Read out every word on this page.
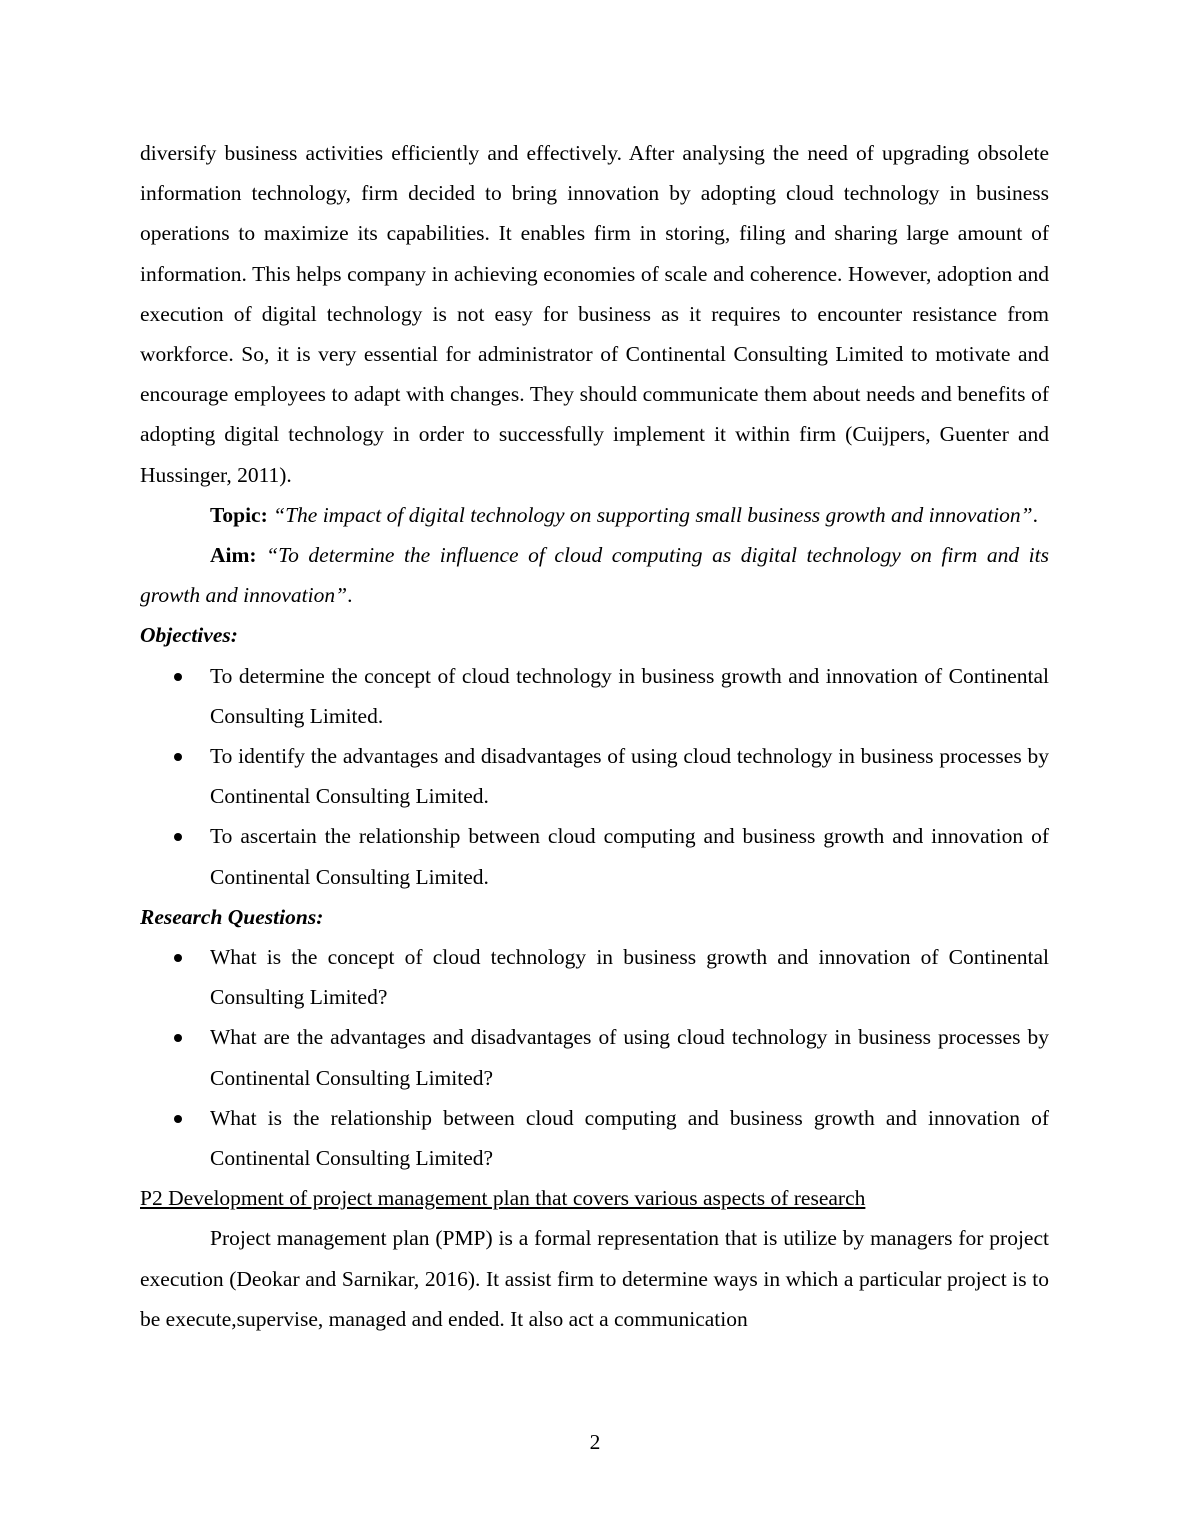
diversify business activities efficiently and effectively. After analysing the need of upgrading obsolete information technology, firm decided to bring innovation by adopting cloud technology in business operations to maximize its capabilities. It enables firm in storing, filing and sharing large amount of information. This helps company in achieving economies of scale and coherence. However, adoption and execution of digital technology is not easy for business as it requires to encounter resistance from workforce. So, it is very essential for administrator of Continental Consulting Limited to motivate and encourage employees to adapt with changes. They should communicate them about needs and benefits of adopting digital technology in order to successfully implement it within firm (Cuijpers, Guenter and Hussinger, 2011).

Topic: “The impact of digital technology on supporting small business growth and innovation”.

Aim: “To determine the influence of cloud computing as digital technology on firm and its growth and innovation”.

Objectives:

To determine the concept of cloud technology in business growth and innovation of Continental Consulting Limited.
To identify the advantages and disadvantages of using cloud technology in business processes by Continental Consulting Limited.
To ascertain the relationship between cloud computing and business growth and innovation of Continental Consulting Limited.

Research Questions:

What is the concept of cloud technology in business growth and innovation of Continental Consulting Limited?
What are the advantages and disadvantages of using cloud technology in business processes by Continental Consulting Limited?
What is the relationship between cloud computing and business growth and innovation of Continental Consulting Limited?

P2 Development of project management plan that covers various aspects of research

Project management plan (PMP) is a formal representation that is utilize by managers for project execution (Deokar and Sarnikar, 2016). It assist firm to determine ways in which a particular project is to be execute,supervise, managed and ended. It also act a communication

2
